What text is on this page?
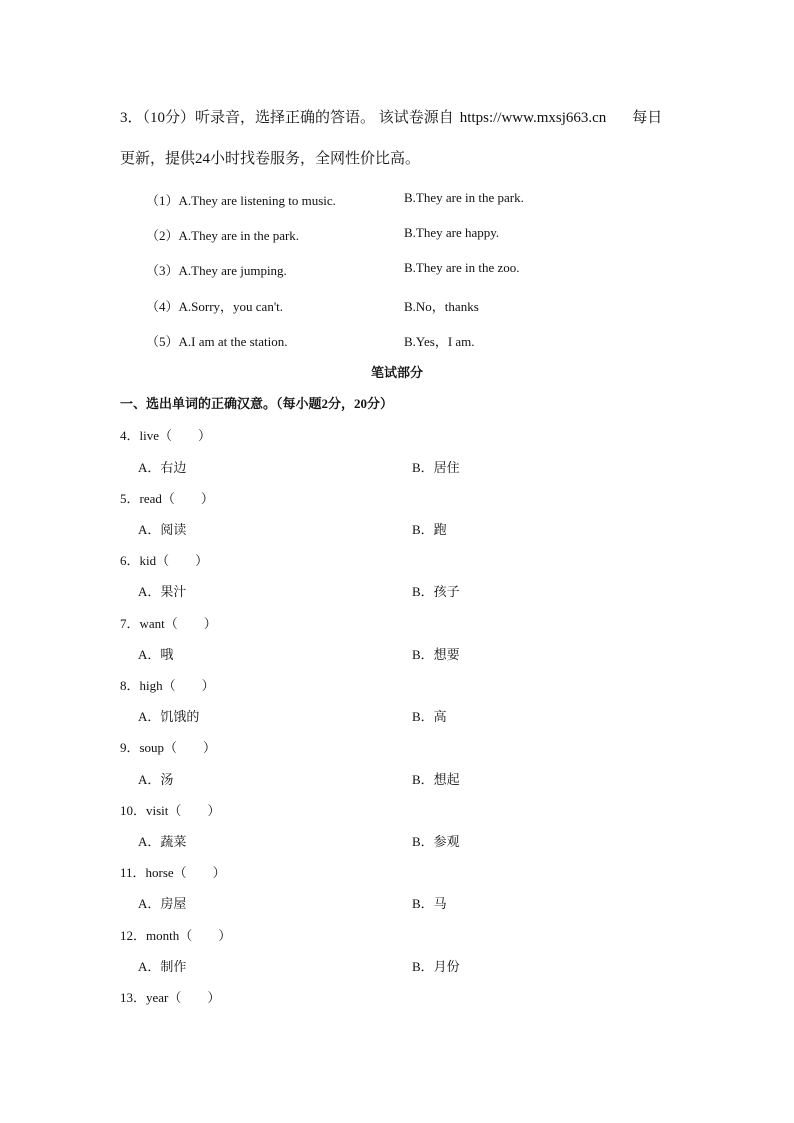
3．（10分）听录音，选择正确的答语。 该试卷源自 https://www.mxsj663.cn 每日
更新，提供24小时找卷服务，全网性价比高。
（1）A.They are listening to music.	B.They are in the park.
（2）A.They are in the park.	B.They are happy.
（3）A.They are jumping.	B.They are in the zoo.
（4）A.Sorry，you can't.	B.No，thanks
（5）A.I am at the station.	B.Yes，I am.
笔试部分
一、选出单词的正确汉意。（每小题2分，20分）
4．live（　　）
A．右边	B．居住
5．read（　　）
A．阅读	B．跑
6．kid（　　）
A．果汁	B．孩子
7．want（　　）
A．哦	B．想要
8．high（　　）
A．饥饿的	B．高
9．soup（　　）
A．汤	B．想起
10．visit（　　）
A．蔬菜	B．参观
11．horse（　　）
A．房屋	B．马
12．month（　　）
A．制作	B．月份
13．year（　　）
